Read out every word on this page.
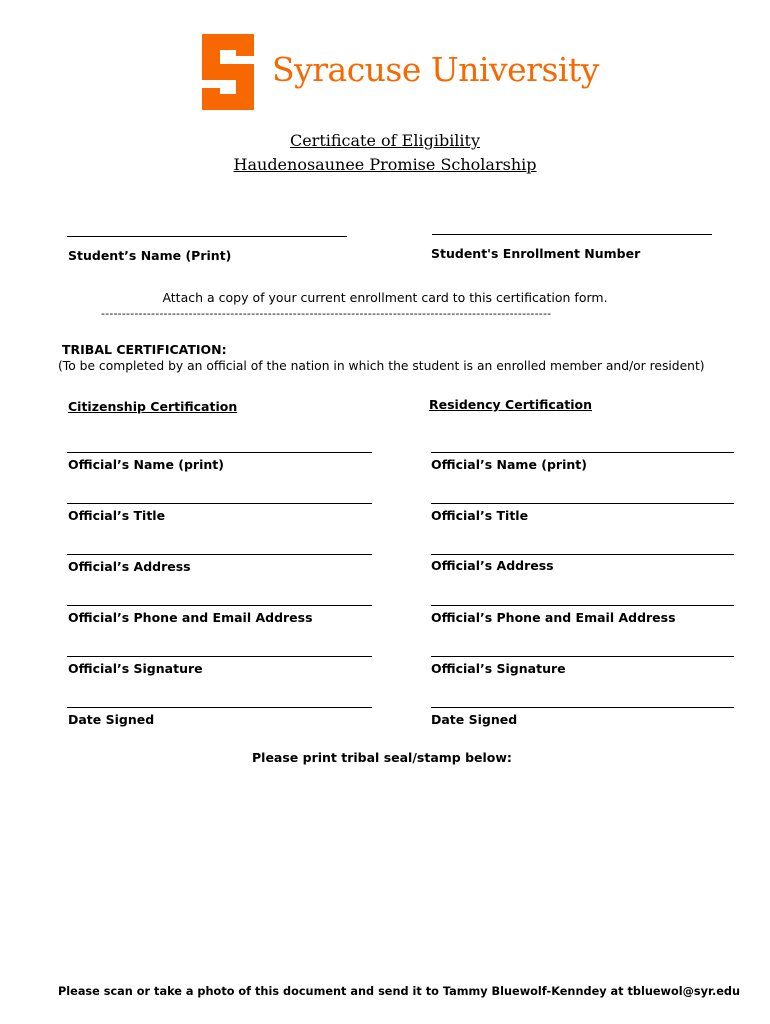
Syracuse University
Certificate of Eligibility
Haudenosaunee Promise Scholarship
Student’s Name (Print)	Student's Enrollment Number
Attach a copy of your current enrollment card to this certification form.
------------------------------------------------------------------------------------------------------------
TRIBAL CERTIFICATION:
(To be completed by an official of the nation in which the student is an enrolled member and/or resident)
Citizenship Certification	Residency Certification
Official’s Name (print)
Official’s Title
Official’s Address
Official’s Phone and Email Address
Official’s Signature
Date Signed
Official’s Name (print)
Official’s Title
Official’s Address
Official’s Phone and Email Address
Official’s Signature
Date Signed
Please print tribal seal/stamp below:
Please scan or take a photo of this document and send it to Tammy Bluewolf-Kenndey at tbluewol@syr.edu
